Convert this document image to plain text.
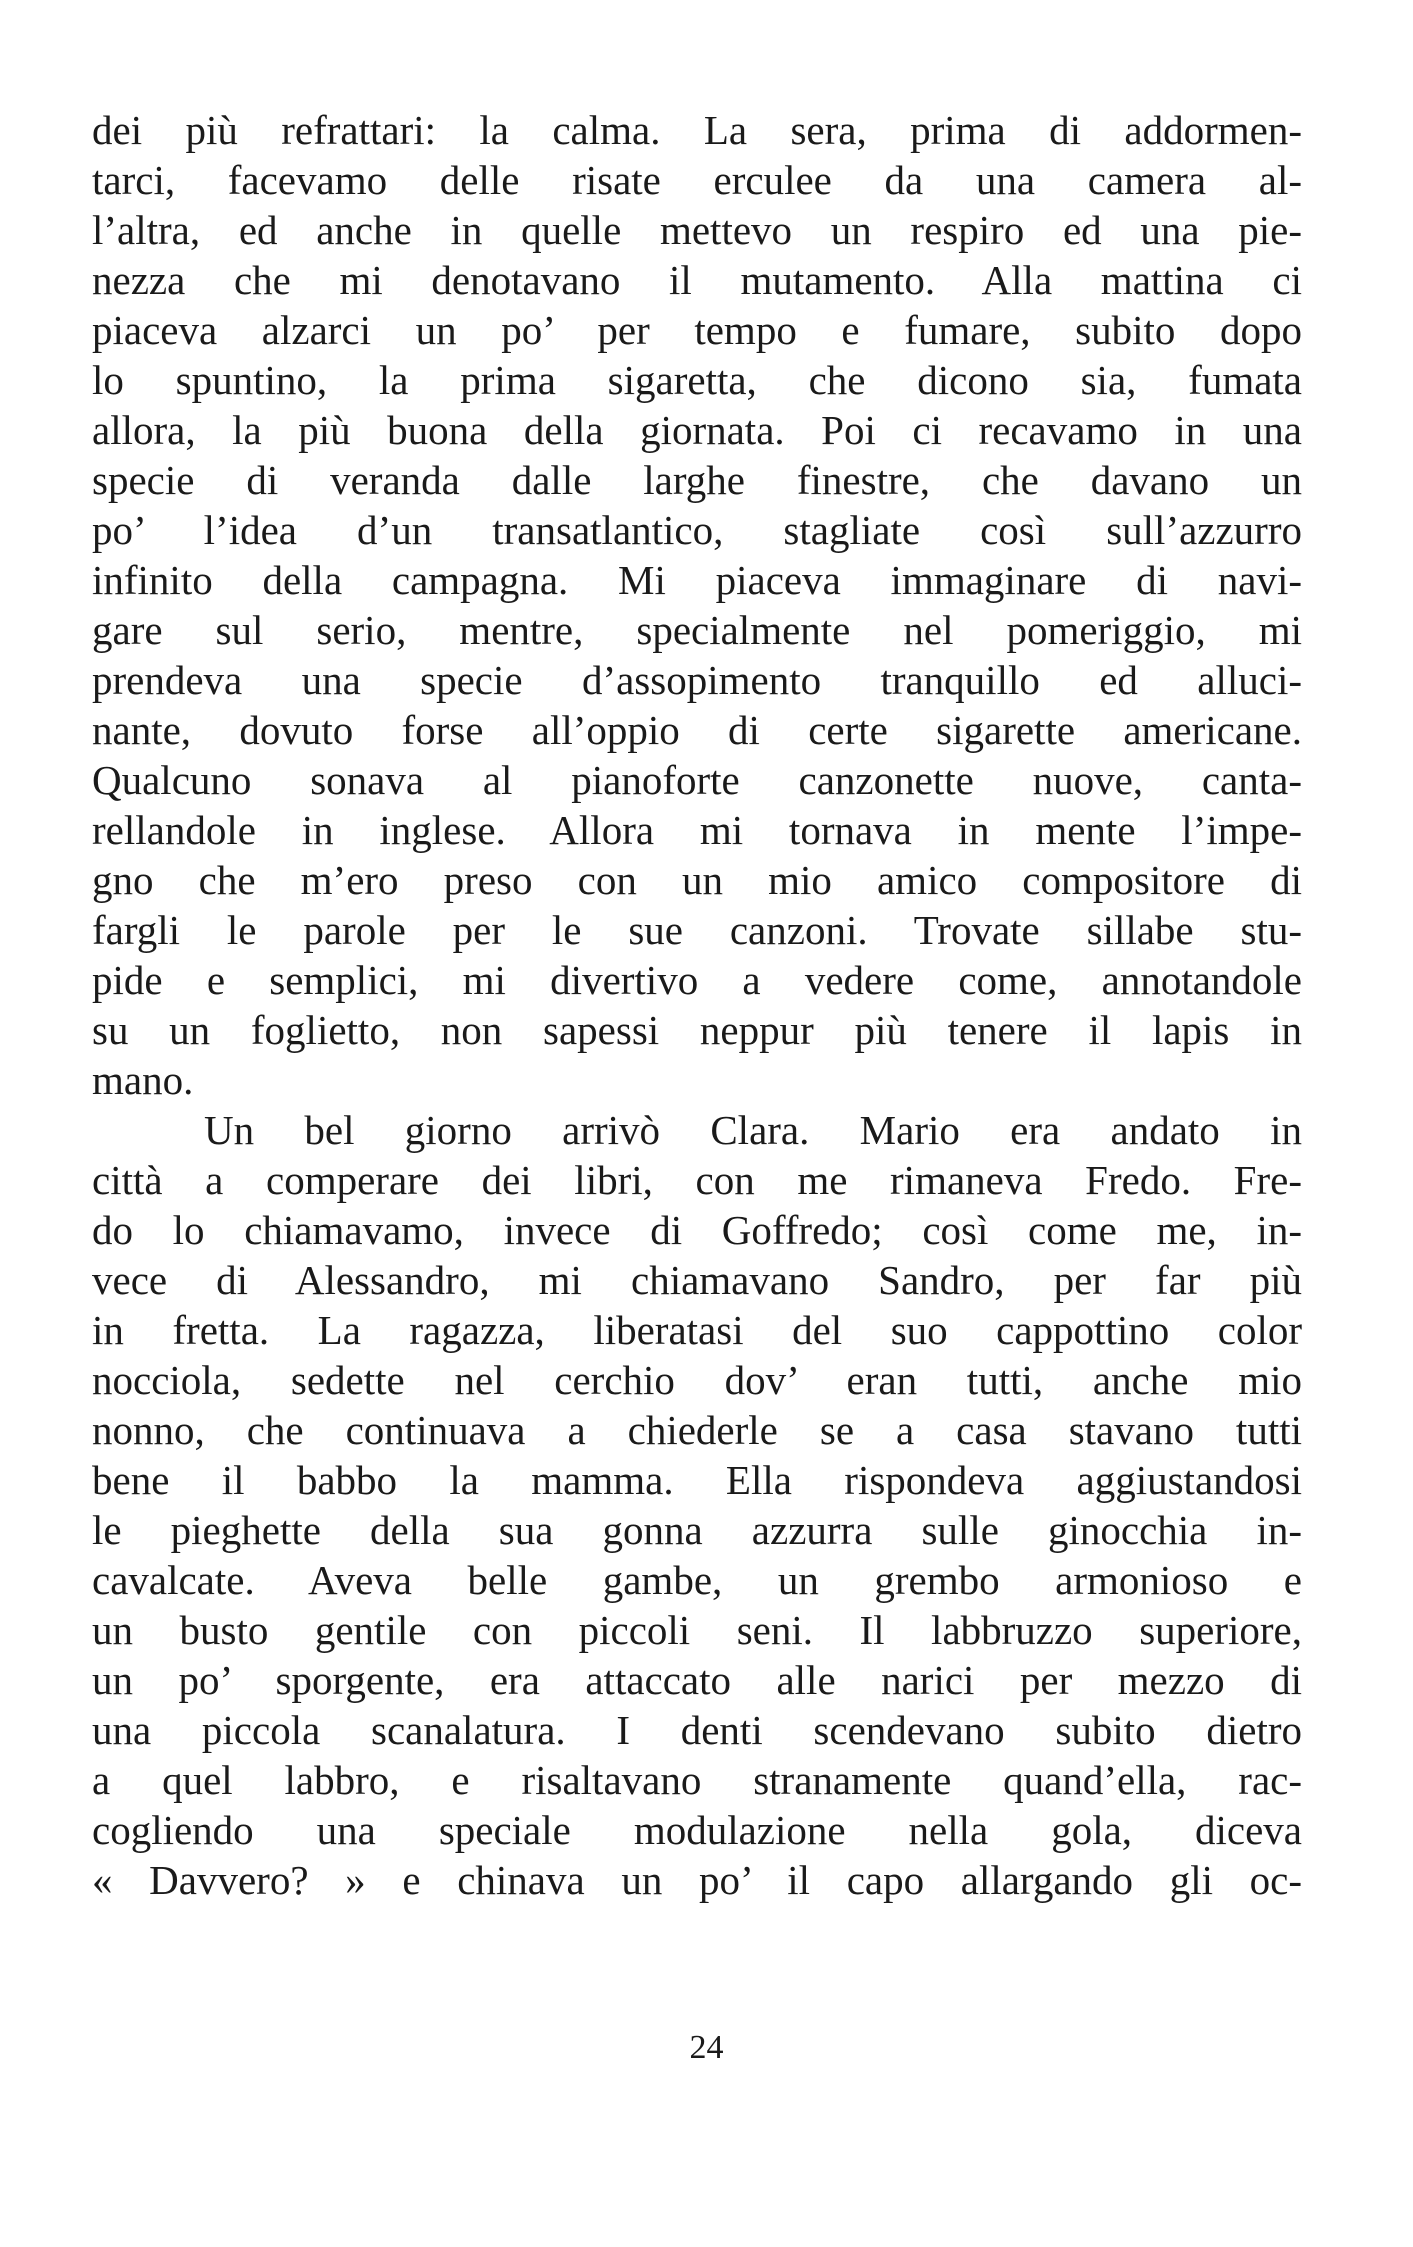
dei più refrattari: la calma. La sera, prima di addormen-
tarci, facevamo delle risate erculee da una camera al-
l’altra, ed anche in quelle mettevo un respiro ed una pie-
nezza che mi denotavano il mutamento. Alla mattina ci
piaceva alzarci un po’ per tempo e fumare, subito dopo
lo spuntino, la prima sigaretta, che dicono sia, fumata
allora, la più buona della giornata. Poi ci recavamo in una
specie di veranda dalle larghe finestre, che davano un
po’ l’idea d’un transatlantico, stagliate così sull’azzurro
infinito della campagna. Mi piaceva immaginare di navi-
gare sul serio, mentre, specialmente nel pomeriggio, mi
prendeva una specie d’assopimento tranquillo ed alluci-
nante, dovuto forse all’oppio di certe sigarette americane.
Qualcuno sonava al pianoforte canzonette nuove, canta-
rellandole in inglese. Allora mi tornava in mente l’impe-
gno che m’ero preso con un mio amico compositore di
fargli le parole per le sue canzoni. Trovate sillabe stu-
pide e semplici, mi divertivo a vedere come, annotandole
su un foglietto, non sapessi neppur più tenere il lapis in
mano.
Un bel giorno arrivò Clara. Mario era andato in
città a comperare dei libri, con me rimaneva Fredo. Fre-
do lo chiamavamo, invece di Goffredo; così come me, in-
vece di Alessandro, mi chiamavano Sandro, per far più
in fretta. La ragazza, liberatasi del suo cappottino color
nocciola, sedette nel cerchio dov’ eran tutti, anche mio
nonno, che continuava a chiederle se a casa stavano tutti
bene il babbo la mamma. Ella rispondeva aggiustandosi
le pieghette della sua gonna azzurra sulle ginocchia in-
cavalcate. Aveva belle gambe, un grembo armonioso e
un busto gentile con piccoli seni. Il labbruzzo superiore,
un po’ sporgente, era attaccato alle narici per mezzo di
una piccola scanalatura. I denti scendevano subito dietro
a quel labbro, e risaltavano stranamente quand’ella, rac-
cogliendo una speciale modulazione nella gola, diceva
« Davvero? » e chinava un po’ il capo allargando gli oc-
24
